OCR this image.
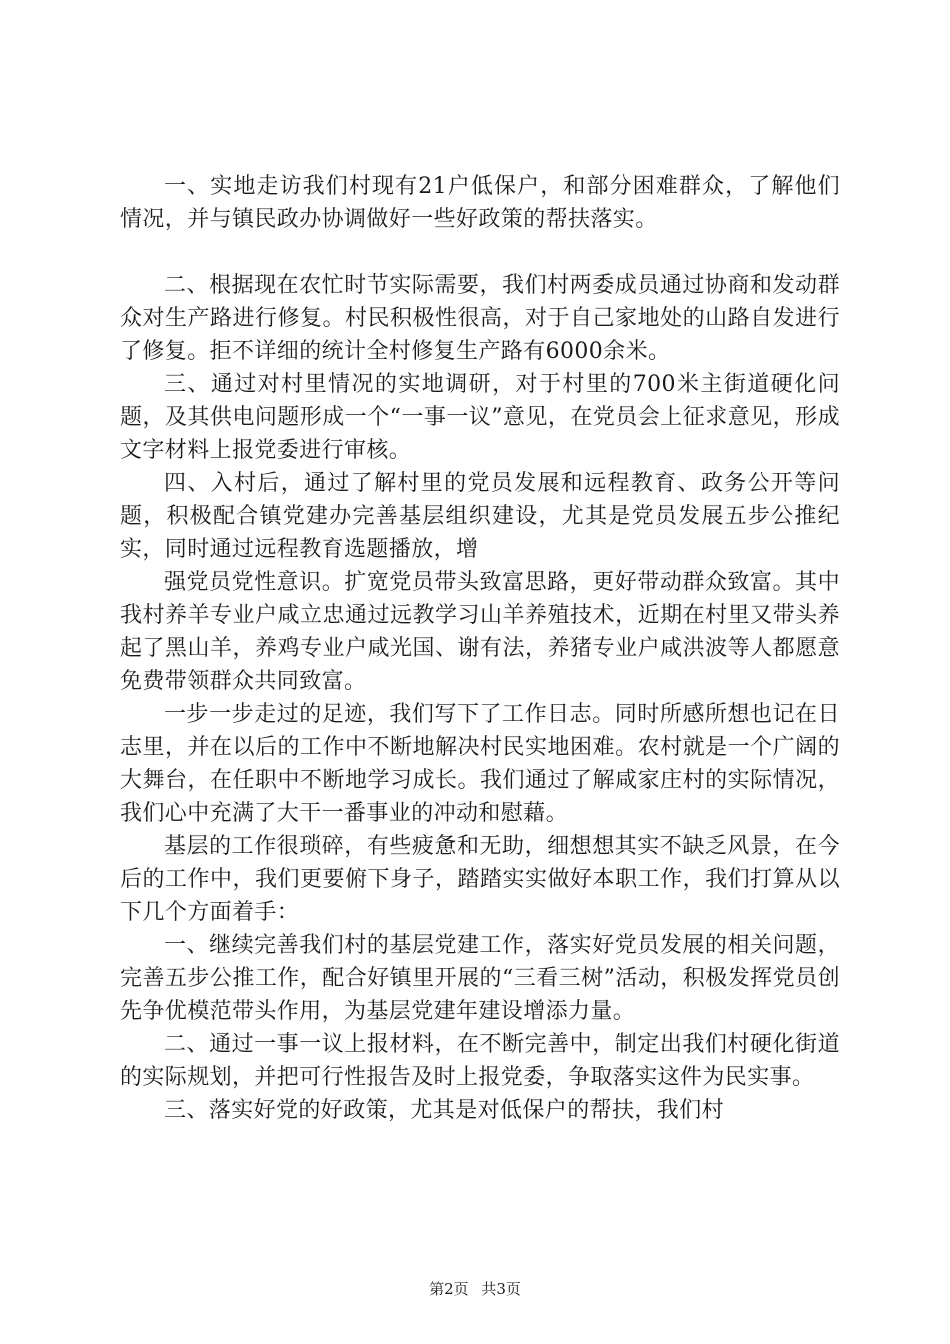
一、实地走访我们村现有21户低保户，和部分困难群众，了解他们情况，并与镇民政办协调做好一些好政策的帮扶落实。

二、根据现在农忙时节实际需要，我们村两委成员通过协商和发动群众对生产路进行修复。村民积极性很高，对于自己家地处的山路自发进行了修复。拒不详细的统计全村修复生产路有6000余米。

三、通过对村里情况的实地调研，对于村里的700米主街道硬化问题，及其供电问题形成一个“一事一议”意见，在党员会上征求意见，形成文字材料上报党委进行审核。

四、入村后，通过了解村里的党员发展和远程教育、政务公开等问题，积极配合镇党建办完善基层组织建设，尤其是党员发展五步公推纪实，同时通过远程教育选题播放，增

强党员党性意识。扩宽党员带头致富思路，更好带动群众致富。其中我村养羊专业户咸立忠通过远教学习山羊养殖技术，近期在村里又带头养起了黑山羊，养鸡专业户咸光国、谢有法，养猪专业户咸洪波等人都愿意免费带领群众共同致富。

一步一步走过的足迹，我们写下了工作日志。同时所感所想也记在日志里，并在以后的工作中不断地解决村民实地困难。农村就是一个广阔的大舞台，在任职中不断地学习成长。我们通过了解咸家庄村的实际情况，我们心中充满了大干一番事业的冲动和慰藉。

基层的工作很琐碎，有些疲惫和无助，细想想其实不缺乏风景，在今后的工作中，我们更要俯下身子，踏踏实实做好本职工作，我们打算从以下几个方面着手：

一、继续完善我们村的基层党建工作，落实好党员发展的相关问题，完善五步公推工作，配合好镇里开展的“三看三树”活动，积极发挥党员创先争优模范带头作用，为基层党建年建设增添力量。

二、通过一事一议上报材料，在不断完善中，制定出我们村硬化街道的实际规划，并把可行性报告及时上报党委，争取落实这件为民实事。

三、落实好党的好政策，尤其是对低保户的帮扶，我们村

第2页 共3页
